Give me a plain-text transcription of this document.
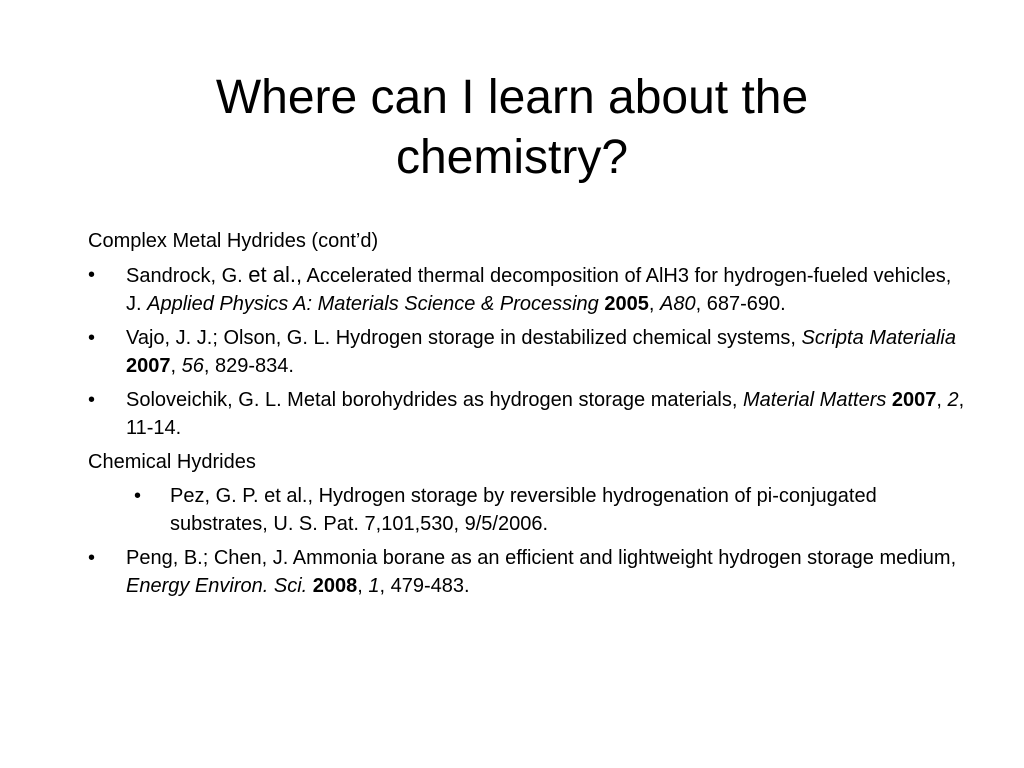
Where can I learn about the
chemistry?
Complex Metal Hydrides (cont’d)
• Sandrock, G. et al., Accelerated thermal decomposition of AlH3 for hydrogen-fueled vehicles, J. Applied Physics A: Materials Science & Processing 2005, A80, 687-690.
• Vajo, J. J.; Olson, G. L. Hydrogen storage in destabilized chemical systems, Scripta Materialia 2007, 56, 829-834.
• Soloveichik, G. L. Metal borohydrides as hydrogen storage materials, Material Matters 2007, 2, 11-14.
Chemical Hydrides
• Pez, G. P. et al., Hydrogen storage by reversible hydrogenation of pi-conjugated substrates, U. S. Pat. 7,101,530, 9/5/2006.
• Peng, B.; Chen, J. Ammonia borane as an efficient and lightweight hydrogen storage medium, Energy Environ. Sci. 2008, 1, 479-483.
